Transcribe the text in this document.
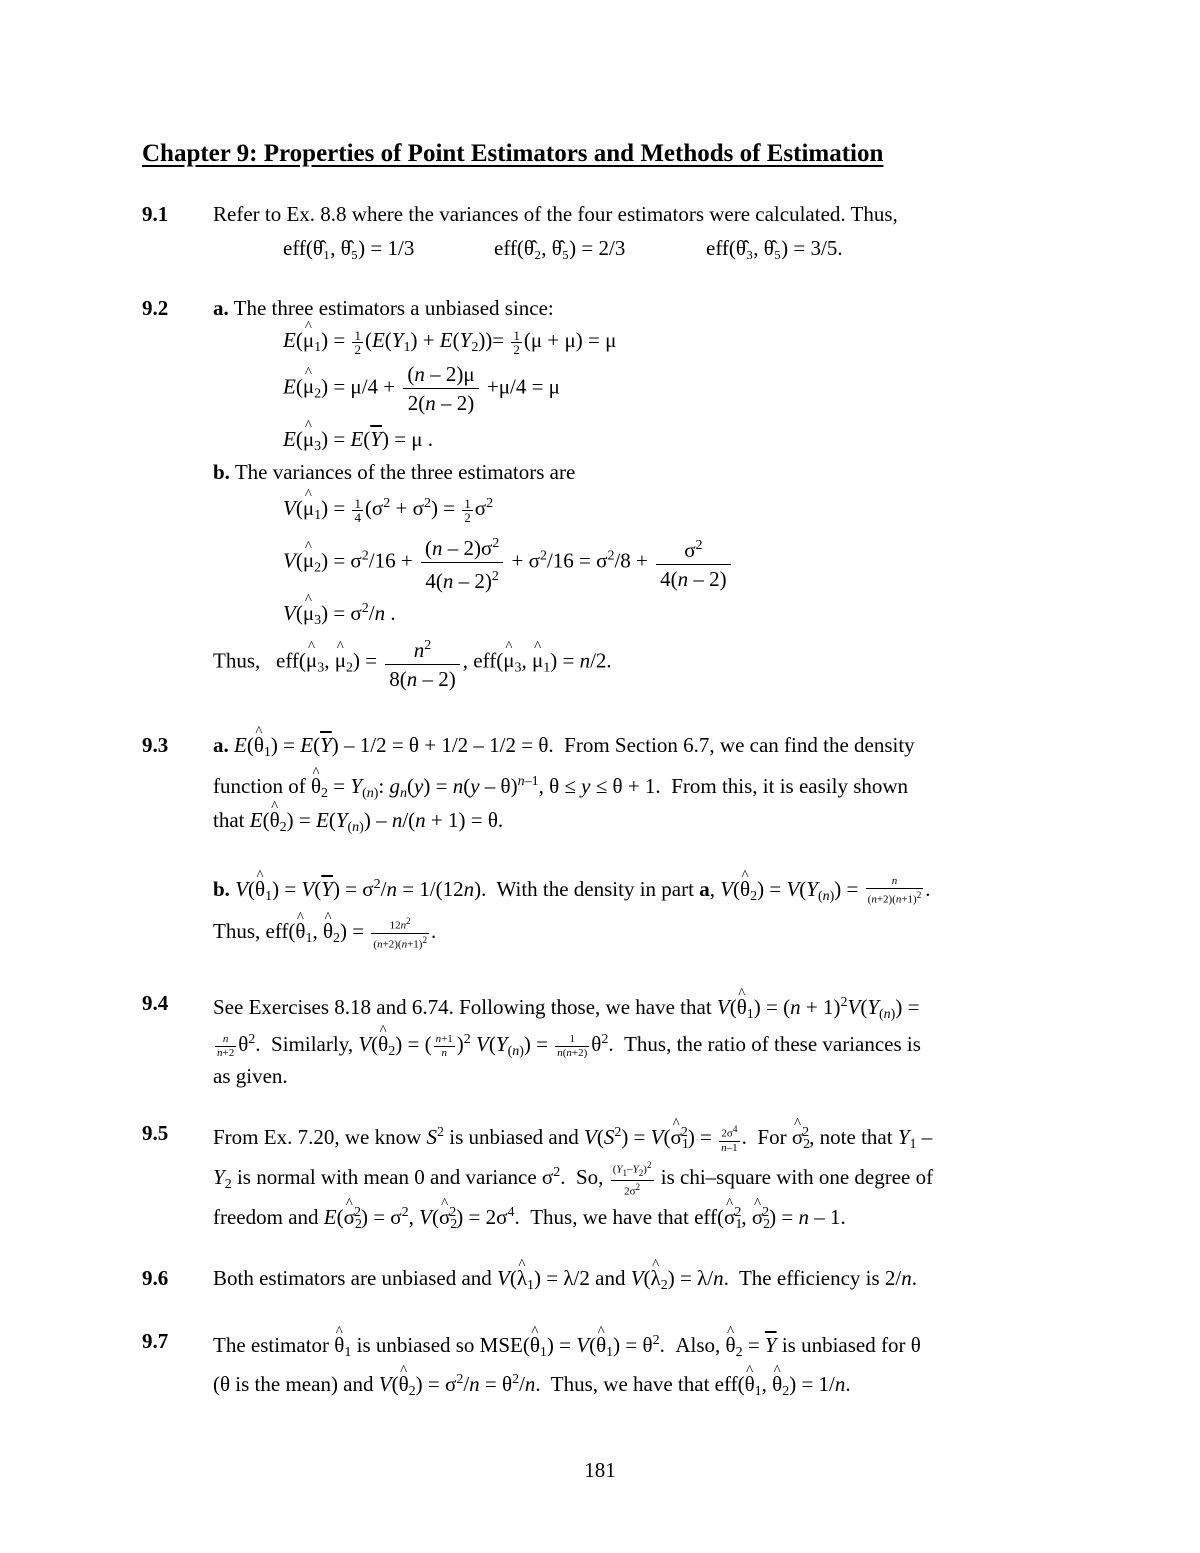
Chapter 9: Properties of Point Estimators and Methods of Estimation
9.1 Refer to Ex. 8.8 where the variances of the four estimators were calculated. Thus,
eff(θ̂₁, θ̂₅) = 1/3	eff(θ̂₂, θ̂₅) = 2/3	eff(θ̂₃, θ̂₅) = 3/5.
9.2 a. The three estimators a unbiased since:
E(^ $\mu_1) = \frac{1}{2} (E(Y_1) + E(Y_2))= \frac{1}{2} (\mu + \mu) = \mu$
E(^ $\mu_2) = \mu/4 + \frac{(n - 2)\mu}{2(n - 2)} +\mu/4 = \mu$
E(^ $\mu_3) = E(\overline{Y}) = \mu$ .
b. The variances of the three estimators are
V(^ $\mu_1) = \frac{1}{4} (\sigma^2 + \sigma^2) = \frac{1}{2} \sigma^2$
V(^ $\mu_2) = \sigma^2/16 + \frac{(n - 2)\sigma^2}{4(n - 2)^2} + \sigma^2/16 = \sigma^2/8 + \frac{\sigma^2}{4(n - 2)}$
V(^ $\mu_3) = \sigma^2/n$ .
Thus,   eff(^ $\mu_3$, ^ $\mu_2) = \frac{n^2}{8(n - 2)}$ , eff(^ $\mu_3$, ^ $\mu_1) = n/2$.
9.3 a. E(^ $\theta_1) = E(\overline{Y}) - 1/2 = \theta + 1/2 - 1/2 = \theta$.  From Section 6.7, we can find the density
function of ^ $\theta_2 = Y_{(n)}$: $g_n(y) = n(y - \theta)^{n-1}$, θ ≤ y ≤ θ + 1.  From this, it is easily shown
that E(^ $\theta_2) = E(Y_{(n)}) - n/(n + 1) = \theta$.
b. V(^ $\theta_1) = V(\overline{Y}) = \sigma^2/n = 1/(12n)$.  With the density in part a, V(^ $\theta_2) = V(Y_{(n)}) = \frac{n}{(n+2)(n+1)^2}$ .
Thus, eff(^ $\theta_1$, ^ $\theta_2) = \frac{12n^2}{(n+2)(n+1)^2}$ .
9.4 See Exercises 8.18 and 6.74. Following those, we have that V(^ $\theta_1) = (n + 1)^2V(Y_{(n)})$ =
$\frac{n}{n+2} \theta^2$.  Similarly, V(^ $\theta_2$) = ( $\frac{n+1}{n} )^2$ $V(Y_{(n)}) = \frac{1}{n(n+2)} \theta^2$.  Thus, the ratio of these variances is
as given.
9.5 From Ex. 7.20, we know $S^2$ is unbiased and $V(S^2)$ = V(^ $\sigma_1^2) = \frac{2\sigma^4}{n-1}$ .  For ^ $\sigma_2^2$, note that $Y_1$ –
$Y_2$ is normal with mean 0 and variance $\sigma^2$.  So, $\frac{(Y_1-Y_2)^2}{2\sigma^2}$ is chi–square with one degree of
freedom and E(^ $\sigma_2^2) = \sigma^2$, V(^ $\sigma_2^2) = 2\sigma^4$.  Thus, we have that eff(^ $\sigma_1^2$, ^ $\sigma_2^2) = n - 1$.
9.6 Both estimators are unbiased and V(^ $\lambda_1) = \lambda/2$ and V(^ $\lambda_2) = \lambda/n$.  The efficiency is 2/n.
9.7 The estimator ^ $\theta_1$ is unbiased so MSE(^ $\theta_1$) = V(^ $\theta_1) = \theta^2$.  Also, ^ $\theta_2 = \overline{Y}$ is unbiased for θ
(θ is the mean) and V(^ $\theta_2) = \sigma^2/n = \theta^2/n$.  Thus, we have that eff(^ $\theta_1$, ^ $\theta_2) = 1/n$.
181
